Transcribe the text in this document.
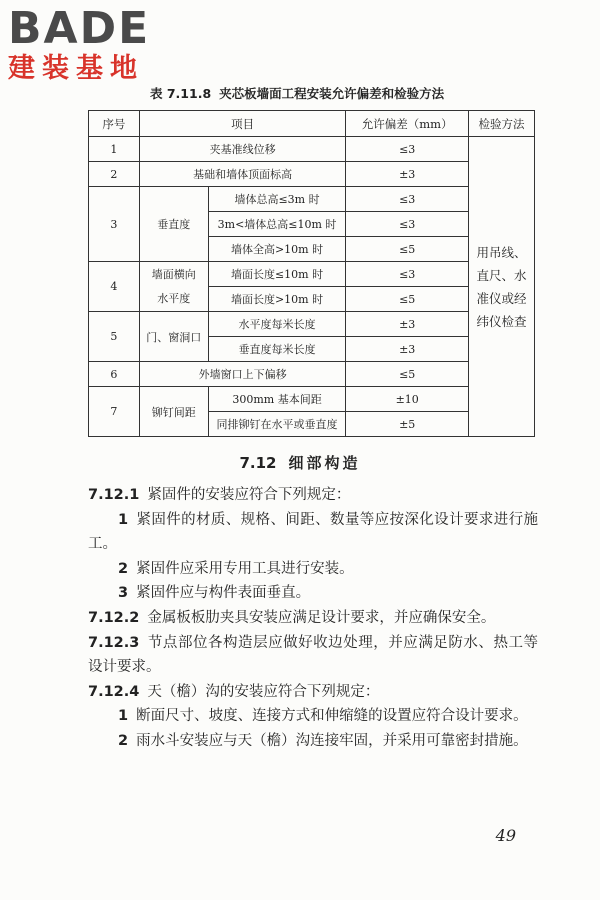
BADE
建装基地
表 7.11.8 夹芯板墙面工程安装允许偏差和检验方法
序号	项目		允许偏差（mm）	检验方法
1	夹基准线位移		≤3	用吊线、直尺、水准仪或经纬仪检查
2	基础和墙体顶面标高		±3	
3	垂直度	墙体总高≤3m 时	≤3	
		3m<墙体总高≤10m 时	≤3	
		墙体全高>10m 时	≤5	
4	墙面横向水平度	墙面长度≤10m 时	≤3	
		墙面长度>10m 时	≤5	
5	门、窗洞口	水平度每米长度	±3	
		垂直度每米长度	±3	
6	外墙窗口上下偏移		≤5	
7	铆钉间距	300mm 基本间距	±10	
		同排铆钉在水平或垂直度	±5	
7.12 细部构造

7.12.1 紧固件的安装应符合下列规定：

1 紧固件的材质、规格、间距、数量等应按深化设计要求进行施工。

2 紧固件应采用专用工具进行安装。

3 紧固件应与构件表面垂直。

7.12.2 金属板板肋夹具安装应满足设计要求，并应确保安全。

7.12.3 节点部位各构造层应做好收边处理，并应满足防水、热工等设计要求。

7.12.4 天（檐）沟的安装应符合下列规定：

1 断面尺寸、坡度、连接方式和伸缩缝的设置应符合设计要求。

2 雨水斗安装应与天（檐）沟连接牢固，并采用可靠密封措施。

49
